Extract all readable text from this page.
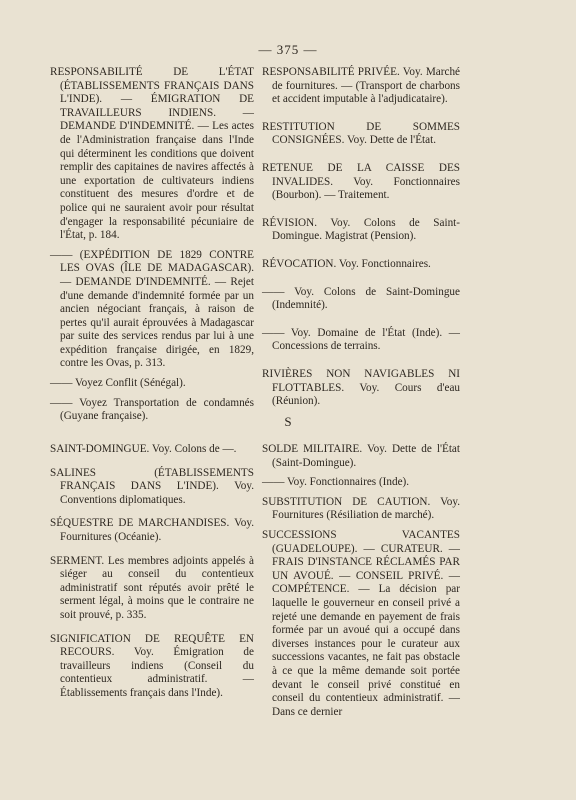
— 375 —

RESPONSABILITÉ DE L'ÉTAT (ÉTABLISSEMENTS FRANÇAIS DANS L'INDE). — ÉMIGRATION DE TRAVAILLEURS INDIENS. — DEMANDE D'INDEMNITÉ. — Les actes de l'Administration française dans l'Inde qui déterminent les conditions que doivent remplir des capitaines de navires affectés à une exportation de cultivateurs indiens constituent des mesures d'ordre et de police qui ne sauraient avoir pour résultat d'engager la responsabilité pécuniaire de l'État, p. 184.

—— (EXPÉDITION DE 1829 CONTRE LES OVAS (ÎLE DE MADAGASCAR). — DEMANDE D'INDEMNITÉ. — Rejet d'une demande d'indemnité formée par un ancien négociant français, à raison de pertes qu'il aurait éprouvées à Madagascar par suite des services rendus par lui à une expédition française dirigée, en 1829, contre les Ovas, p. 313.

—— Voyez Conflit (Sénégal).

—— Voyez Transportation de condamnés (Guyane française).

RESPONSABILITÉ PRIVÉE. Voy. Marché de fournitures. — (Transport de charbons et accident imputable à l'adjudicataire).

RESTITUTION DE SOMMES CONSIGNÉES. Voy. Dette de l'État.

RETENUE DE LA CAISSE DES INVALIDES. Voy. Fonctionnaires (Bourbon). — Traitement.

RÉVISION. Voy. Colons de Saint-Domingue. Magistrat (Pension).

RÉVOCATION. Voy. Fonctionnaires.

—— Voy. Colons de Saint-Domingue (Indemnité).

—— Voy. Domaine de l'État (Inde). — Concessions de terrains.

RIVIÈRES NON NAVIGABLES NI FLOTTABLES. Voy. Cours d'eau (Réunion).

S

SAINT-DOMINGUE. Voy. Colons de —.

SALINES (ÉTABLISSEMENTS FRANÇAIS DANS L'INDE). Voy. Conventions diplomatiques.

SÉQUESTRE DE MARCHANDISES. Voy. Fournitures (Océanie).

SERMENT. Les membres adjoints appelés à siéger au conseil du contentieux administratif sont réputés avoir prêté le serment légal, à moins que le contraire ne soit prouvé, p. 335.

SIGNIFICATION DE REQUÊTE EN RECOURS. Voy. Émigration de travailleurs indiens (Conseil du contentieux administratif. — Établissements français dans l'Inde).

SOLDE MILITAIRE. Voy. Dette de l'État (Saint-Domingue).

—— Voy. Fonctionnaires (Inde).

SUBSTITUTION DE CAUTION. Voy. Fournitures (Résiliation de marché).

SUCCESSIONS VACANTES (GUADELOUPE). — CURATEUR. — FRAIS D'INSTANCE RÉCLAMÉS PAR UN AVOUÉ. — CONSEIL PRIVÉ. — COMPÉTENCE. — La décision par laquelle le gouverneur en conseil privé a rejeté une demande en payement de frais formée par un avoué qui a occupé dans diverses instances pour le curateur aux successions vacantes, ne fait pas obstacle à ce que la même demande soit portée devant le conseil privé constitué en conseil du contentieux administratif. — Dans ce dernier
